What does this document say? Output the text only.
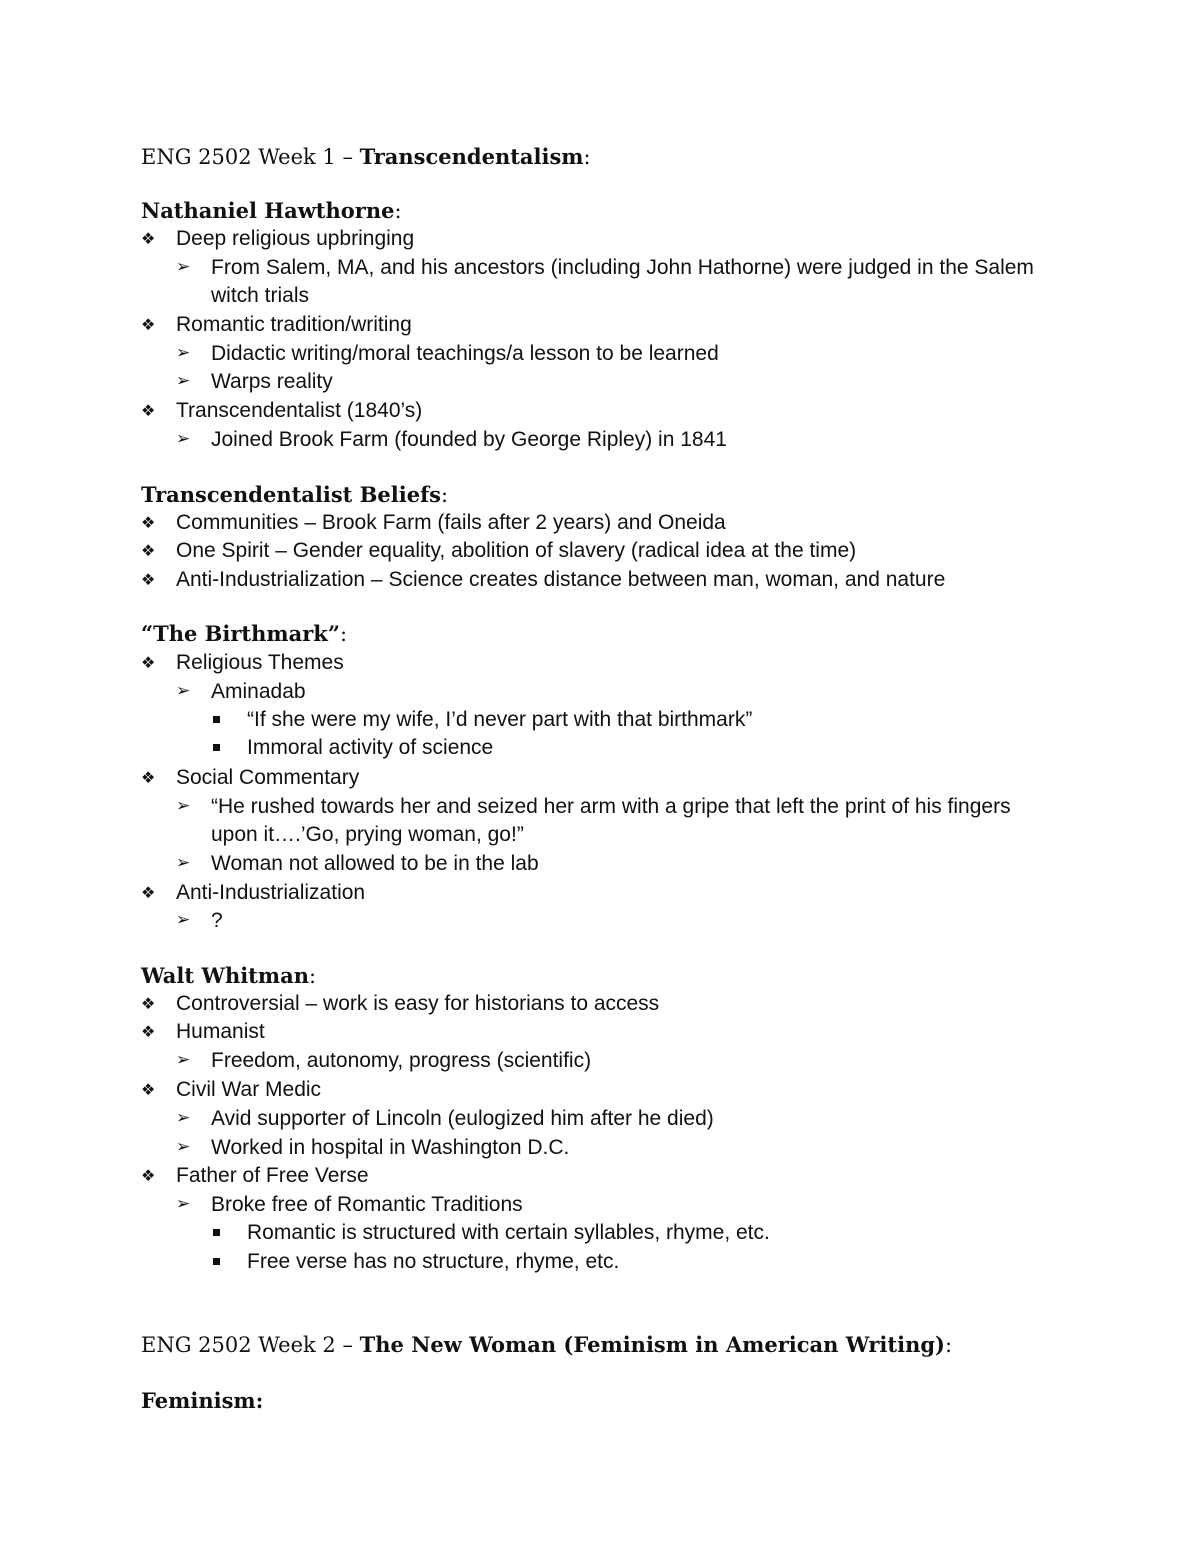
ENG 2502 Week 1 – Transcendentalism:
Nathaniel Hawthorne:
❖ Deep religious upbringing
➢ From Salem, MA, and his ancestors (including John Hathorne) were judged in the Salem
witch trials
❖ Romantic tradition/writing
➢ Didactic writing/moral teachings/a lesson to be learned
➢ Warps reality
❖ Transcendentalist (1840’s)
➢ Joined Brook Farm (founded by George Ripley) in 1841
Transcendentalist Beliefs:
❖ Communities – Brook Farm (fails after 2 years) and Oneida
❖ One Spirit – Gender equality, abolition of slavery (radical idea at the time)
❖ Anti-Industrialization – Science creates distance between man, woman, and nature
“The Birthmark”:
❖ Religious Themes
➢ Aminadab
“If she were my wife, I’d never part with that birthmark”
Immoral activity of science
❖ Social Commentary
➢ “He rushed towards her and seized her arm with a gripe that left the print of his fingers
upon it….’Go, prying woman, go!”
➢ Woman not allowed to be in the lab
❖ Anti-Industrialization
➢ ?
Walt Whitman:
❖ Controversial – work is easy for historians to access
❖ Humanist
➢ Freedom, autonomy, progress (scientific)
❖ Civil War Medic
➢ Avid supporter of Lincoln (eulogized him after he died)
➢ Worked in hospital in Washington D.C.
❖ Father of Free Verse
➢ Broke free of Romantic Traditions
Romantic is structured with certain syllables, rhyme, etc.
Free verse has no structure, rhyme, etc.
ENG 2502 Week 2 – The New Woman (Feminism in American Writing):
Feminism:
